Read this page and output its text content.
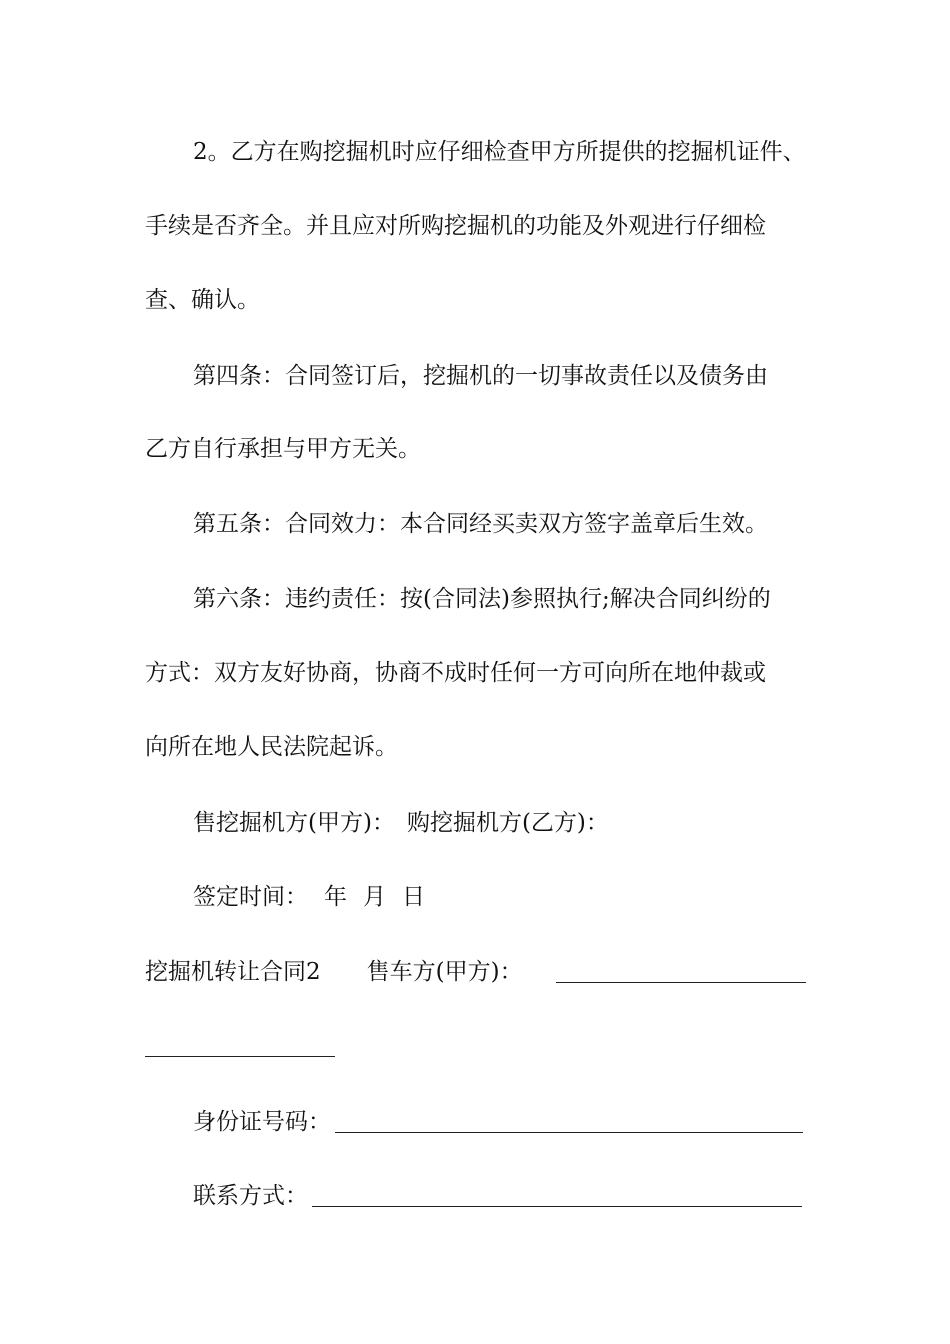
2。乙方在购挖掘机时应仔细检查甲方所提供的挖掘机证件、
手续是否齐全。并且应对所购挖掘机的功能及外观进行仔细检
查、确认。
第四条：合同签订后，挖掘机的一切事故责任以及债务由
乙方自行承担与甲方无关。
第五条：合同效力：本合同经买卖双方签字盖章后生效。
第六条：违约责任：按(合同法)参照执行;解决合同纠纷的
方式：双方友好协商，协商不成时任何一方可向所在地仲裁或
向所在地人民法院起诉。
售挖掘机方(甲方)： 购挖掘机方(乙方)：
签定时间： 年 月 日
挖掘机转让合同2 售车方(甲方)：
身份证号码：
联系方式：
